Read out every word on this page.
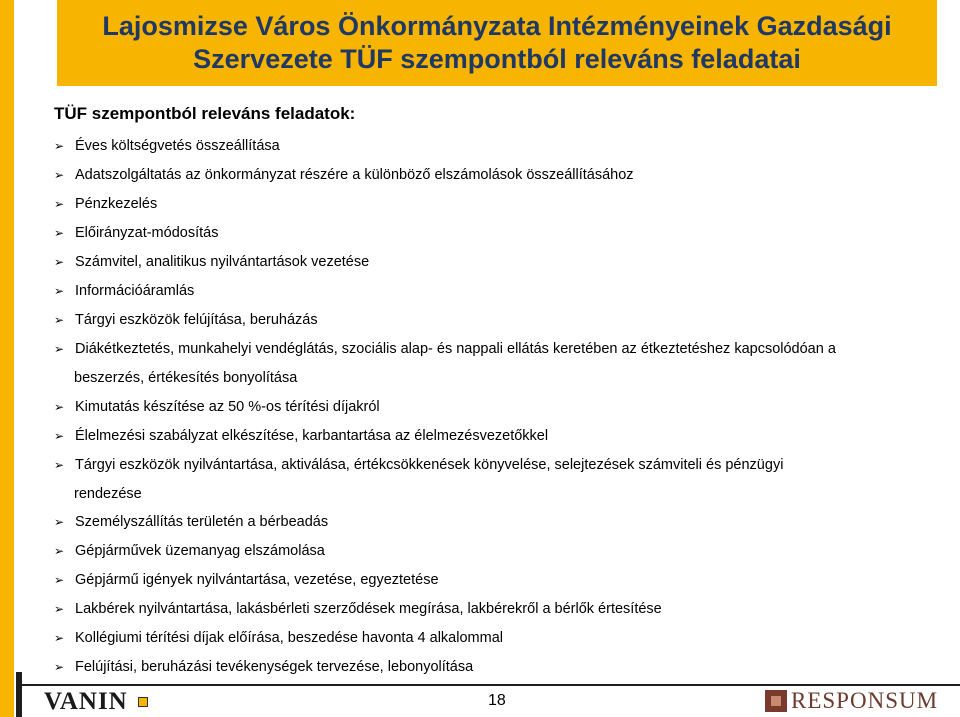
Lajosmizse Város Önkormányzata Intézményeinek Gazdasági
Szervezete TÜF szempontból releváns feladatai
TÜF szempontból releváns feladatok:
➢ Éves költségvetés összeállítása
➢ Adatszolgáltatás az önkormányzat részére a különböző elszámolások összeállításához
➢ Pénzkezelés
➢ Előirányzat-módosítás
➢ Számvitel, analitikus nyilvántartások vezetése
➢ Információáramlás
➢ Tárgyi eszközök felújítása, beruházás
➢ Diákétkeztetés, munkahelyi vendéglátás, szociális alap- és nappali ellátás keretében az étkeztetéshez kapcsolódóan a
beszerzés, értékesítés bonyolítása
➢ Kimutatás készítése az 50 %-os térítési díjakról
➢ Élelmezési szabályzat elkészítése, karbantartása az élelmezésvezetőkkel
➢ Tárgyi eszközök nyilvántartása, aktiválása, értékcsökkenések könyvelése, selejtezések számviteli és pénzügyi
rendezése
➢ Személyszállítás területén a bérbeadás
➢ Gépjárművek üzemanyag elszámolása
➢ Gépjármű igények nyilvántartása, vezetése, egyeztetése
➢ Lakbérek nyilvántartása, lakásbérleti szerződések megírása, lakbérekről a bérlők értesítése
➢ Kollégiumi térítési díjak előírása, beszedése havonta 4 alkalommal
➢ Felújítási, beruházási tevékenységek tervezése, lebonyolítása
VANIN	18	RESPONSUM
